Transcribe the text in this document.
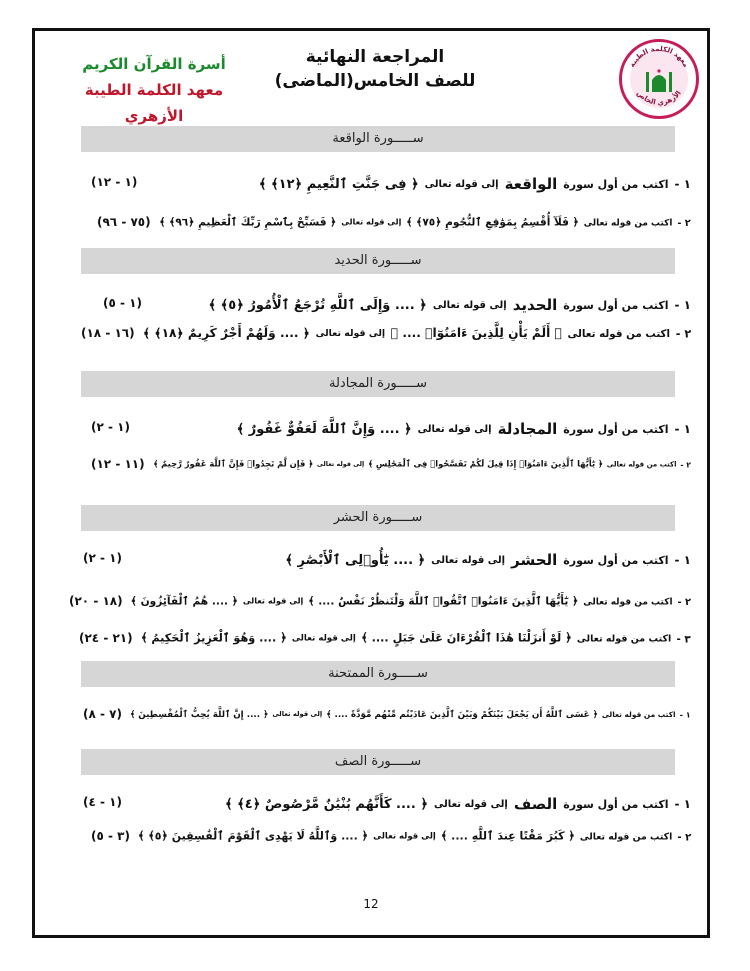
معهد الكلمة الطيبة
الأزهري الخاص
المراجعة النهائية
للصف الخامس(الماضى)
أسرة القرآن الكريم
معهد الكلمة الطيبة الأزهري
ســـــورة الواقعة
١ -
اكتب من أول سورة
الواقعة
إلى قوله تعالى
﴿ فِى جَنَّتِ ٱلنَّعِيمِ ﴿١٢﴾ ﴾
(١ - ١٢)
٢ -
اكتب من قوله تعالى
﴿ فَلَآ أُقْسِمُ بِمَوَٰقِعِ ٱلنُّجُومِ ﴿٧٥﴾ ﴾
إلى قوله تعالى
﴿ فَسَبِّحْ بِٱسْمِ رَبِّكَ ٱلْعَظِيمِ ﴿٩٦﴾ ﴾
(٧٥ - ٩٦)
ســـــورة الحديد
١ -
اكتب من أول سورة
الحديد
إلى قوله تعالى
﴿ .... وَإِلَى ٱللَّهِ تُرْجَعُ ٱلْأُمُورُ ﴿٥﴾ ﴾
(١ - ٥)
٢ -
اكتب من قوله تعالى
﴿ أَلَمْ يَأْنِ لِلَّذِينَ ءَامَنُوٓا۟ .... ﴾
إلى قوله تعالى
﴿ .... وَلَهُمْ أَجْرٌ كَرِيمٌ ﴿١٨﴾ ﴾
(١٦ - ١٨)
ســـــورة المجادلة
١ -
اكتب من أول سورة
المجادلة
إلى قوله تعالى
﴿ .... وَإِنَّ ٱللَّهَ لَعَفُوٌّ غَفُورٌ ﴾
(١ - ٢)
٢ -
اكتب من قوله تعالى
﴿ يَٰٓأَيُّهَا ٱلَّذِينَ ءَامَنُوٓا۟ إِذَا قِيلَ لَكُمْ تَفَسَّحُوا۟ فِى ٱلْمَجَٰلِسِ ﴾
إلى قوله تعالى
﴿ فَإِن لَّمْ تَجِدُوا۟ فَإِنَّ ٱللَّهَ غَفُورٌ رَّحِيمٌ ﴾
(١١ - ١٢)
ســـــورة الحشر
١ -
اكتب من أول سورة
الحشر
إلى قوله تعالى
﴿ .... يَٰٓأُو۟لِى ٱلْأَبْصَٰرِ ﴾
(١ - ٢)
٢ -
اكتب من قوله تعالى
﴿ يَٰٓأَيُّهَا ٱلَّذِينَ ءَامَنُوا۟ ٱتَّقُوا۟ ٱللَّهَ وَلْتَنظُرْ نَفْسٌ .... ﴾
إلى قوله تعالى
﴿ .... هُمُ ٱلْفَآئِزُونَ ﴾
(١٨ - ٢٠)
٣ -
اكتب من قوله تعالى
﴿ لَوْ أَنزَلْنَا هَٰذَا ٱلْقُرْءَانَ عَلَىٰ جَبَلٍ .... ﴾
إلى قوله تعالى
﴿ .... وَهُوَ ٱلْعَزِيزُ ٱلْحَكِيمُ ﴾
(٢١ - ٢٤)
ســـــورة الممتحنة
١ -
اكتب من قوله تعالى
﴿ عَسَى ٱللَّهُ أَن يَجْعَلَ بَيْنَكُمْ وَبَيْنَ ٱلَّذِينَ عَادَيْتُم مِّنْهُم مَّوَدَّةً .... ﴾
إلى قوله تعالى
﴿ .... إِنَّ ٱللَّهَ يُحِبُّ ٱلْمُقْسِطِينَ ﴾
(٧ - ٨)
ســـــورة الصف
١ -
اكتب من أول سورة
الصف
إلى قوله تعالى
﴿ .... كَأَنَّهُم بُنْيَٰنٌ مَّرْصُوصٌ ﴿٤﴾ ﴾
(١ - ٤)
٢ -
اكتب من قوله تعالى
﴿ كَبُرَ مَقْتًا عِندَ ٱللَّهِ .... ﴾
إلى قوله تعالى
﴿ .... وَٱللَّهُ لَا يَهْدِى ٱلْقَوْمَ ٱلْفَٰسِقِينَ ﴿٥﴾ ﴾
(٣ - ٥)
12
